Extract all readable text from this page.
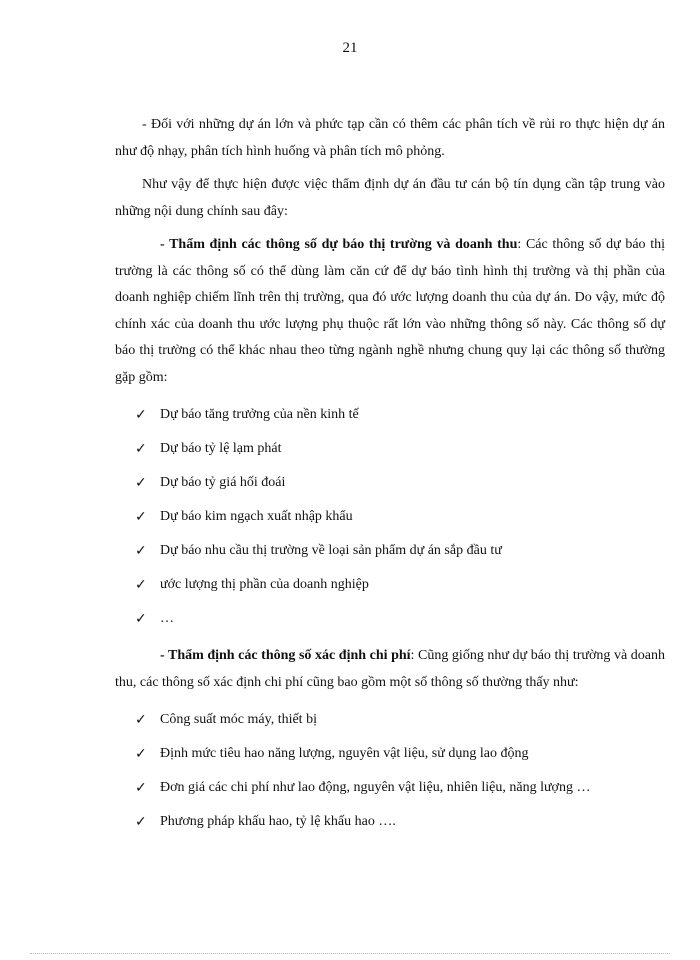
21

- Đối với những dự án lớn và phức tạp cần có thêm các phân tích về rủi ro thực hiện dự án như độ nhạy, phân tích hình huống và phân tích mô phỏng.

Như vậy để thực hiện được việc thẩm định dự án đầu tư cán bộ tín dụng cần tập trung vào những nội dung chính sau đây:

- Thẩm định các thông số dự báo thị trường và doanh thu: Các thông số dự báo thị trường là các thông số có thể dùng làm căn cứ để dự báo tình hình thị trường và thị phần của doanh nghiệp chiếm lĩnh trên thị trường, qua đó ước lượng doanh thu của dự án. Do vậy, mức độ chính xác của doanh thu ước lượng phụ thuộc rất lớn vào những thông số này. Các thông số dự báo thị trường có thể khác nhau theo từng ngành nghề nhưng chung quy lại các thông số thường gặp gồm:

✓ Dự báo tăng trưởng của nền kinh tế
✓ Dự báo tỷ lệ lạm phát
✓ Dự báo tỷ giá hối đoái
✓ Dự báo kim ngạch xuất nhập khẩu
✓ Dự báo nhu cầu thị trường về loại sản phẩm dự án sắp đầu tư
✓ ước lượng thị phần của doanh nghiệp
✓ …

- Thẩm định các thông số xác định chi phí: Cũng giống như dự báo thị trường và doanh thu, các thông số xác định chi phí cũng bao gồm một số thông số thường thấy như:

✓ Công suất móc máy, thiết bị
✓ Định mức tiêu hao năng lượng, nguyên vật liệu, sử dụng lao động
✓ Đơn giá các chi phí như lao động, nguyên vật liệu, nhiên liệu, năng lượng …
✓ Phương pháp khấu hao, tỷ lệ khấu hao ….
